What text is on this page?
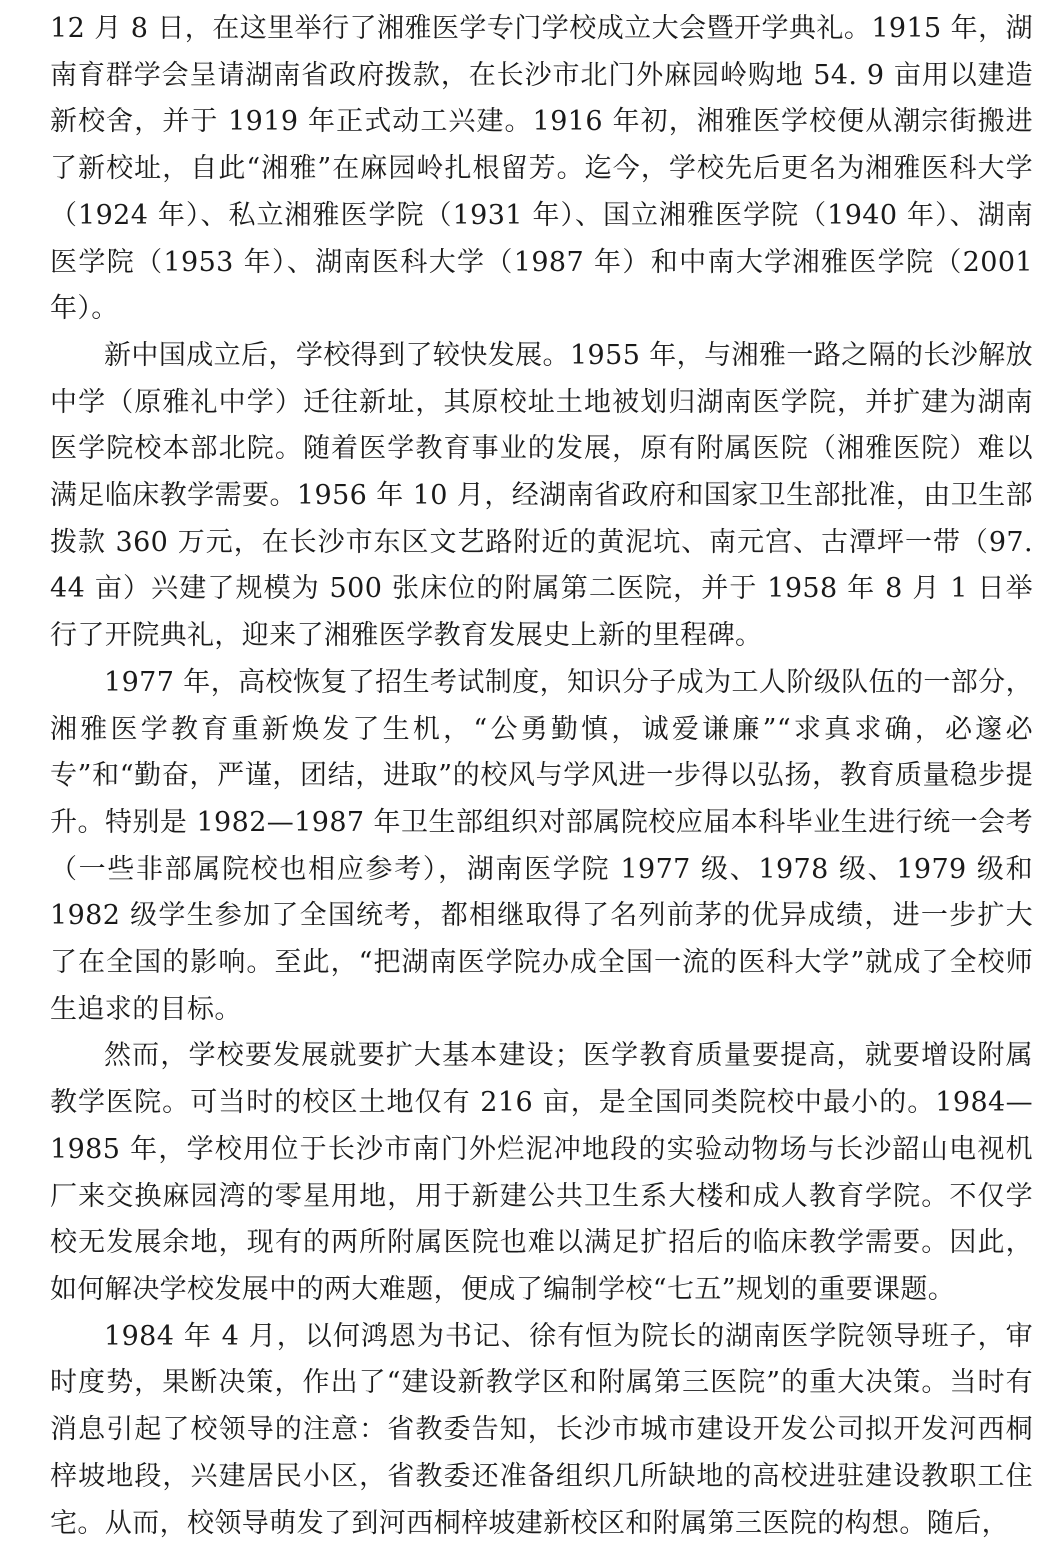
12 月 8 日，在这里举行了湘雅医学专门学校成立大会暨开学典礼。1915 年，湖南育群学会呈请湖南省政府拨款，在长沙市北门外麻园岭购地 54. 9 亩用以建造新校舍，并于 1919 年正式动工兴建。1916 年初，湘雅医学校便从潮宗街搬进了新校址，自此“湘雅”在麻园岭扎根留芳。迄今，学校先后更名为湘雅医科大学（1924 年）、私立湘雅医学院（1931 年）、国立湘雅医学院（1940 年）、湖南医学院（1953 年）、湖南医科大学（1987 年）和中南大学湘雅医学院（2001 年）。

新中国成立后，学校得到了较快发展。1955 年，与湘雅一路之隔的长沙解放中学（原雅礼中学）迁往新址，其原校址土地被划归湖南医学院，并扩建为湖南医学院校本部北院。随着医学教育事业的发展，原有附属医院（湘雅医院）难以满足临床教学需要。1956 年 10 月，经湖南省政府和国家卫生部批准，由卫生部拨款 360 万元，在长沙市东区文艺路附近的黄泥坑、南元宫、古潭坪一带（97. 44 亩）兴建了规模为 500 张床位的附属第二医院，并于 1958 年 8 月 1 日举行了开院典礼，迎来了湘雅医学教育发展史上新的里程碑。

1977 年，高校恢复了招生考试制度，知识分子成为工人阶级队伍的一部分，湘雅医学教育重新焕发了生机，“公勇勤慎，诚爱谦廉”“求真求确，必邃必专”和“勤奋，严谨，团结，进取”的校风与学风进一步得以弘扬，教育质量稳步提升。特别是 1982—1987 年卫生部组织对部属院校应届本科毕业生进行统一会考（一些非部属院校也相应参考），湖南医学院 1977 级、1978 级、1979 级和 1982 级学生参加了全国统考，都相继取得了名列前茅的优异成绩，进一步扩大了在全国的影响。至此，“把湖南医学院办成全国一流的医科大学”就成了全校师生追求的目标。

然而，学校要发展就要扩大基本建设；医学教育质量要提高，就要增设附属教学医院。可当时的校区土地仅有 216 亩，是全国同类院校中最小的。1984—1985 年，学校用位于长沙市南门外烂泥冲地段的实验动物场与长沙韶山电视机厂来交换麻园湾的零星用地，用于新建公共卫生系大楼和成人教育学院。不仅学校无发展余地，现有的两所附属医院也难以满足扩招后的临床教学需要。因此，如何解决学校发展中的两大难题，便成了编制学校“七五”规划的重要课题。

1984 年 4 月，以何鸿恩为书记、徐有恒为院长的湖南医学院领导班子，审时度势，果断决策，作出了“建设新教学区和附属第三医院”的重大决策。当时有消息引起了校领导的注意：省教委告知，长沙市城市建设开发公司拟开发河西桐梓坡地段，兴建居民小区，省教委还准备组织几所缺地的高校进驻建设教职工住宅。从而，校领导萌发了到河西桐梓坡建新校区和附属第三医院的构想。随后，
